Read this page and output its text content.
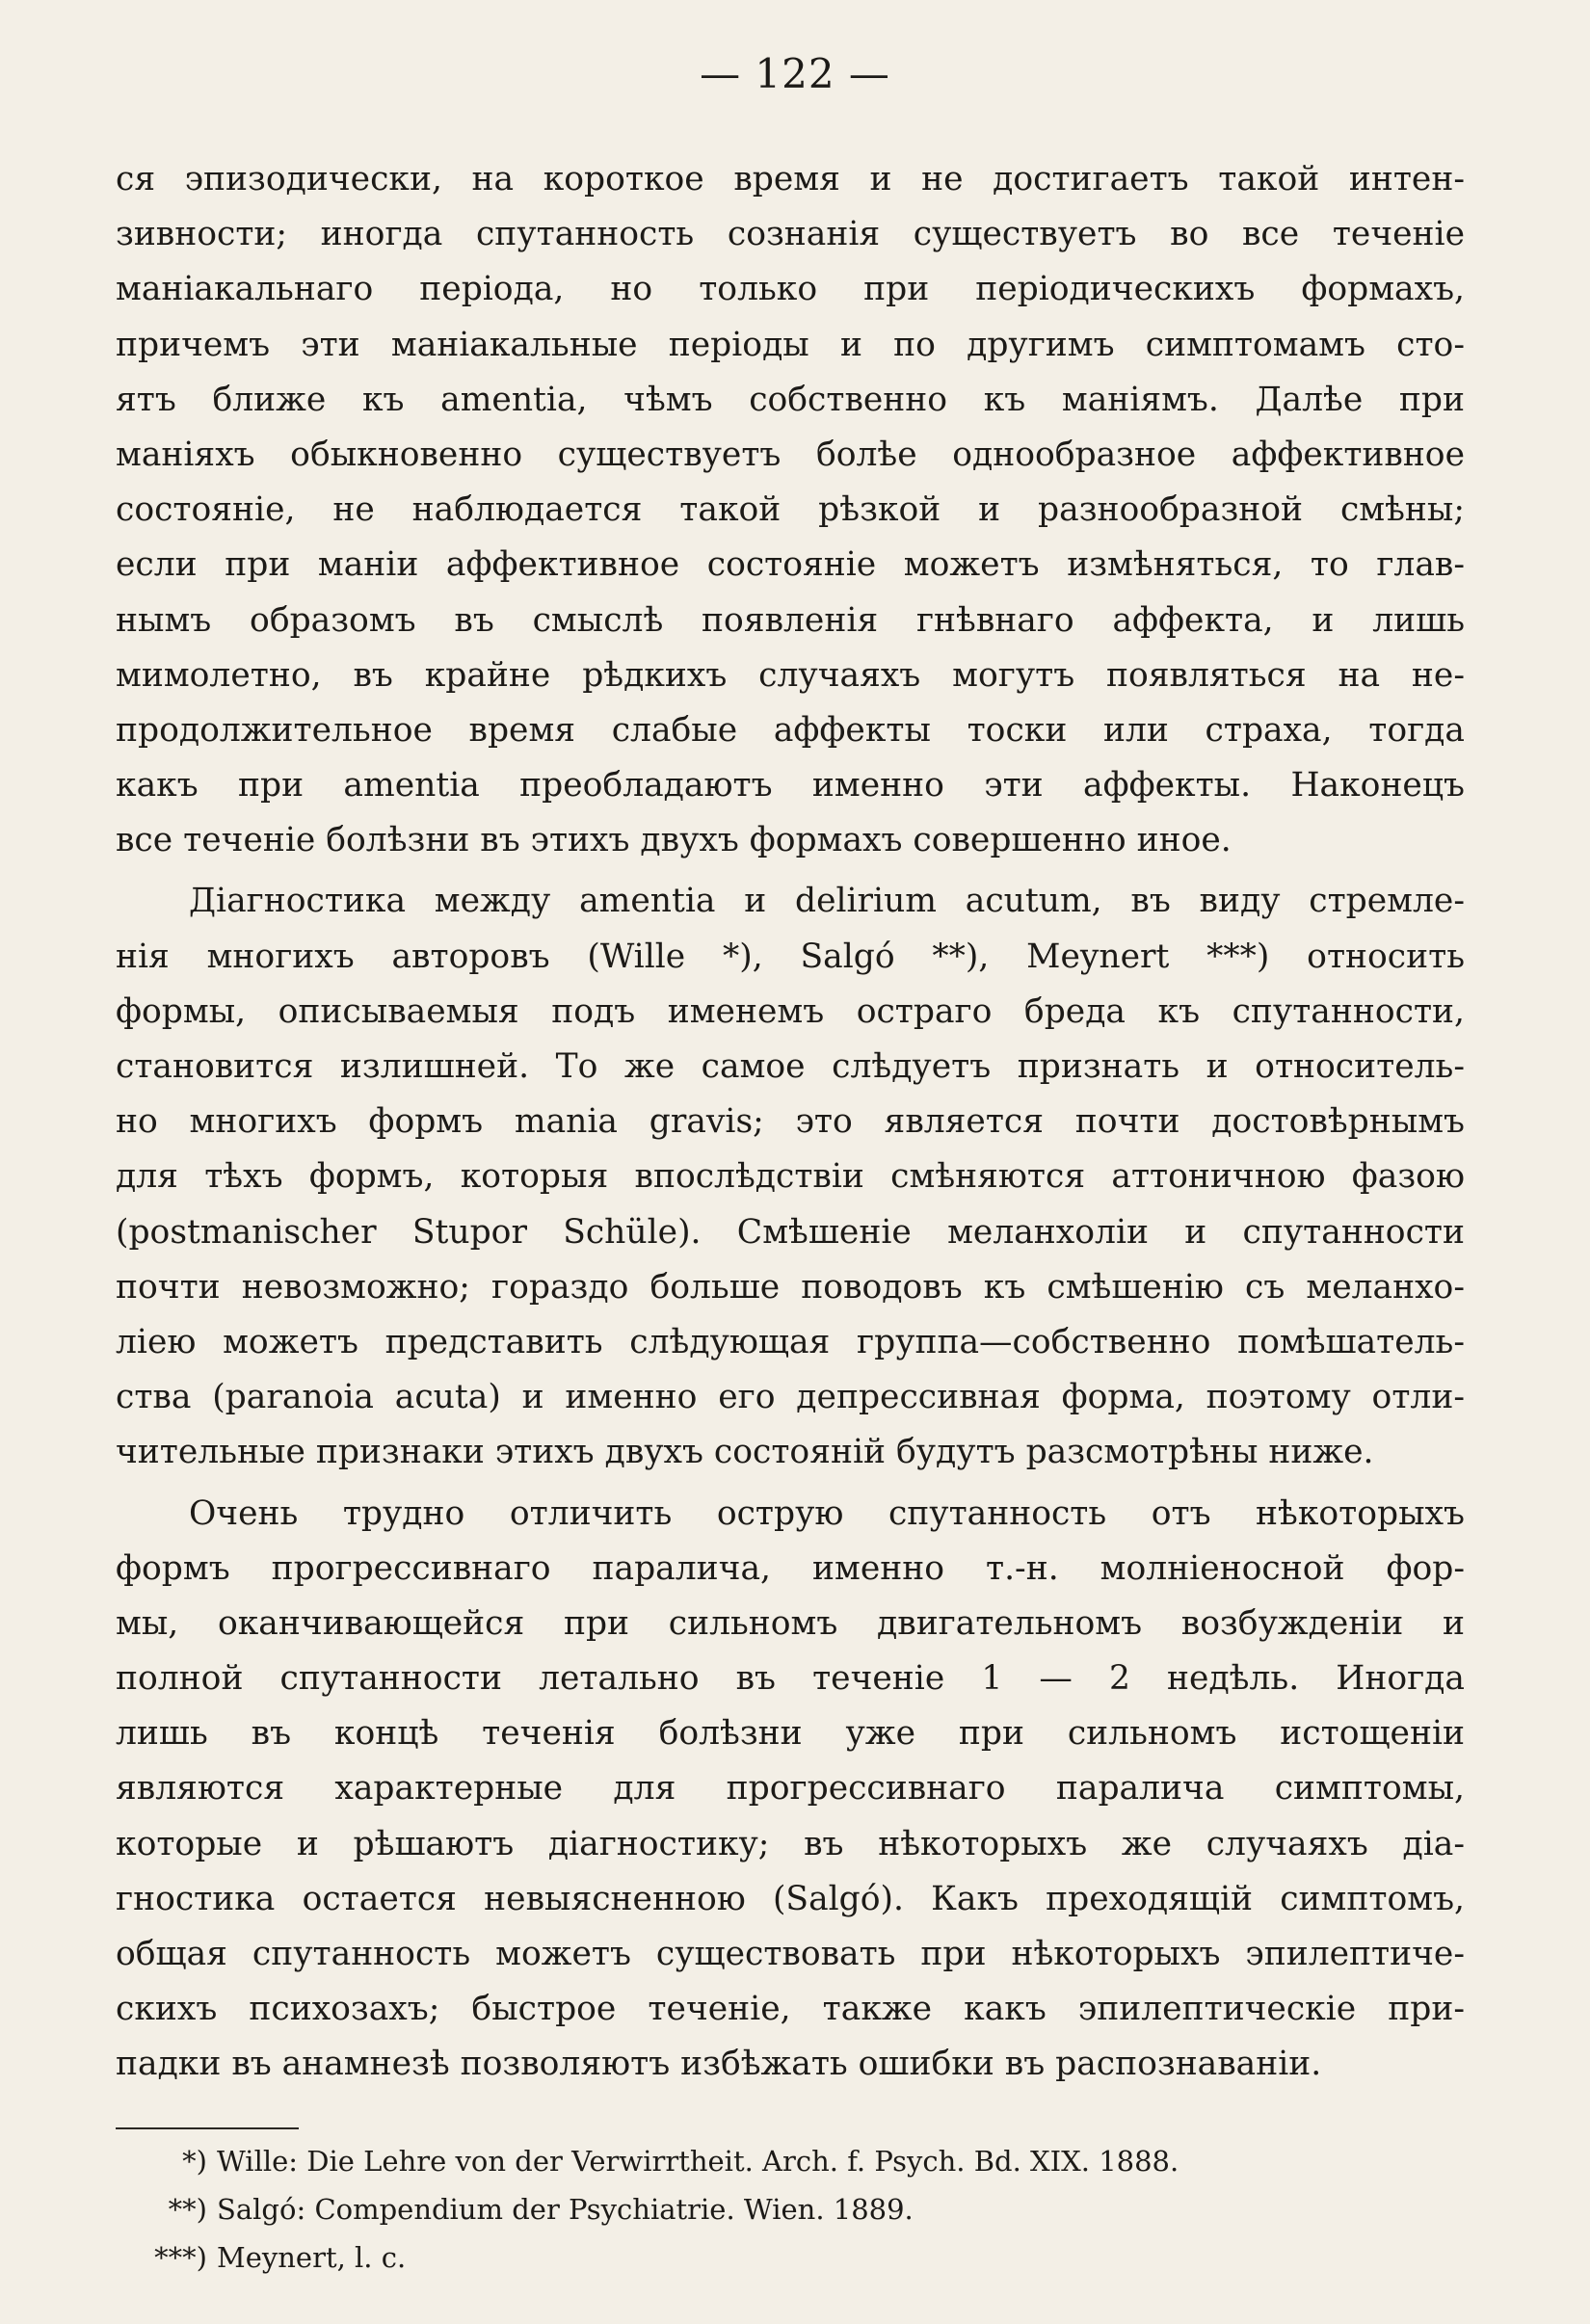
— 122 —
ся эпизодически, на короткое время и не достигаетъ такой интен-
зивности; иногда спутанность сознанія существуетъ во все теченіе
маніакальнаго періода, но только при періодическихъ формахъ,
причемъ эти маніакальные періоды и по другимъ симптомамъ сто-
ятъ ближе къ amentia, чѣмъ собственно къ маніямъ. Далѣе при
маніяхъ обыкновенно существуетъ болѣе однообразное аффективное
состояніе, не наблюдается такой рѣзкой и разнообразной смѣны;
если при маніи аффективное состояніе можетъ измѣняться, то глав-
нымъ образомъ въ смыслѣ появленія гнѣвнаго аффекта, и лишь
мимолетно, въ крайне рѣдкихъ случаяхъ могутъ появляться на не-
продолжительное время слабые аффекты тоски или страха, тогда
какъ при amentia преобладаютъ именно эти аффекты. Наконецъ
все теченіе болѣзни въ этихъ двухъ формахъ совершенно иное.
Діагностика между amentia и delirium acutum, въ виду стремле-
нія многихъ авторовъ (Wille *), Salgó **), Meynert ***) относить
формы, описываемыя подъ именемъ остраго бреда къ спутанности,
становится излишней. То же самое слѣдуетъ признать и относитель-
но многихъ формъ mania gravis; это является почти достовѣрнымъ
для тѣхъ формъ, которыя впослѣдствіи смѣняются аттоничною фазою
(postmanischer Stupor Schüle). Смѣшеніе меланхоліи и спутанности
почти невозможно; гораздо больше поводовъ къ смѣшенію съ меланхо-
ліею можетъ представить слѣдующая группа—собственно помѣшатель-
ства (paranoia acuta) и именно его депрессивная форма, поэтому отли-
чительные признаки этихъ двухъ состояній будутъ разсмотрѣны ниже.
Очень трудно отличить острую спутанность отъ нѣкоторыхъ
формъ прогрессивнаго паралича, именно т.-н. молніеносной фор-
мы, оканчивающейся при сильномъ двигательномъ возбужденіи и
полной спутанности летально въ теченіе 1 — 2 недѣль. Иногда
лишь въ концѣ теченія болѣзни уже при сильномъ истощеніи
являются характерные для прогрессивнаго паралича симптомы,
которые и рѣшаютъ діагностику; въ нѣкоторыхъ же случаяхъ діа-
гностика остается невыясненною (Salgó). Какъ преходящій симптомъ,
общая спутанность можетъ существовать при нѣкоторыхъ эпилептиче-
скихъ психозахъ; быстрое теченіе, также какъ эпилептическіе при-
падки въ анамнезѣ позволяютъ избѣжать ошибки въ распознаваніи.
*) Wille: Die Lehre von der Verwirrtheit. Arch. f. Psych. Bd. XIX. 1888.
**) Salgó: Compendium der Psychiatrie. Wien. 1889.
***) Meynert, l. c.
